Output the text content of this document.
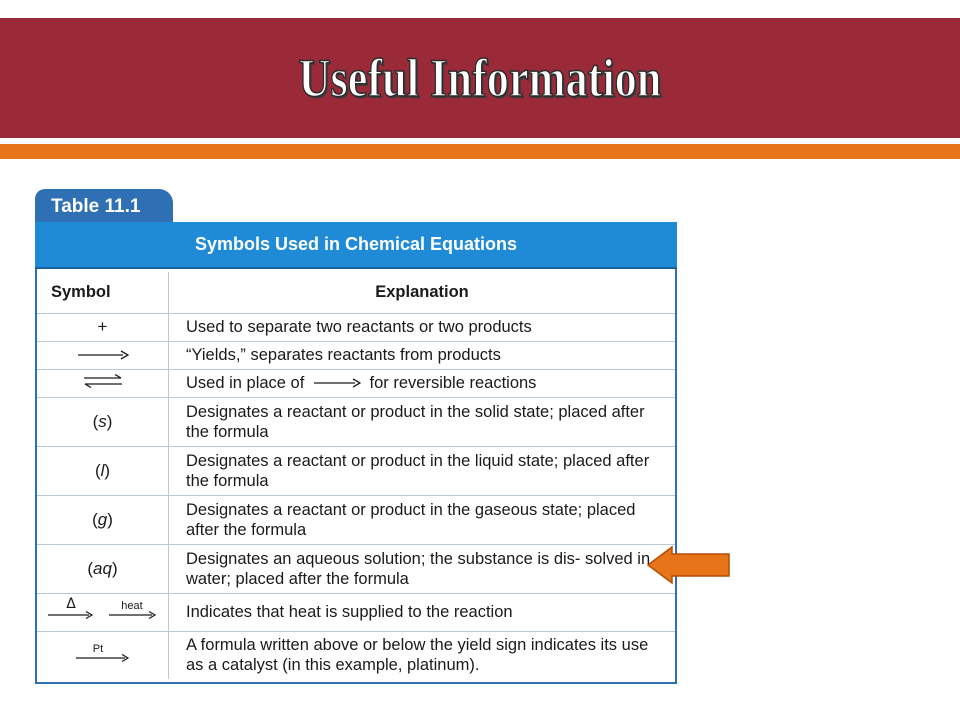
Useful Information
Table 11.1
Symbols Used in Chemical Equations
Symbol	Explanation
+	Used to separate two reactants or two products
	“Yields,” separates reactants from products
	Used in place of for reversible reactions
(s)	Designates a reactant or product in the solid state; placed after the formula
(l)	Designates a reactant or product in the liquid state; placed after the formula
(g)	Designates a reactant or product in the gaseous state; placed after the formula
(aq)	Designates an aqueous solution; the substance is dis- solved in water; placed after the formula

Δ heat	Indicates that heat is supplied to the reaction

Pt	A formula written above or below the yield sign indicates its use as a catalyst (in this example, platinum).
